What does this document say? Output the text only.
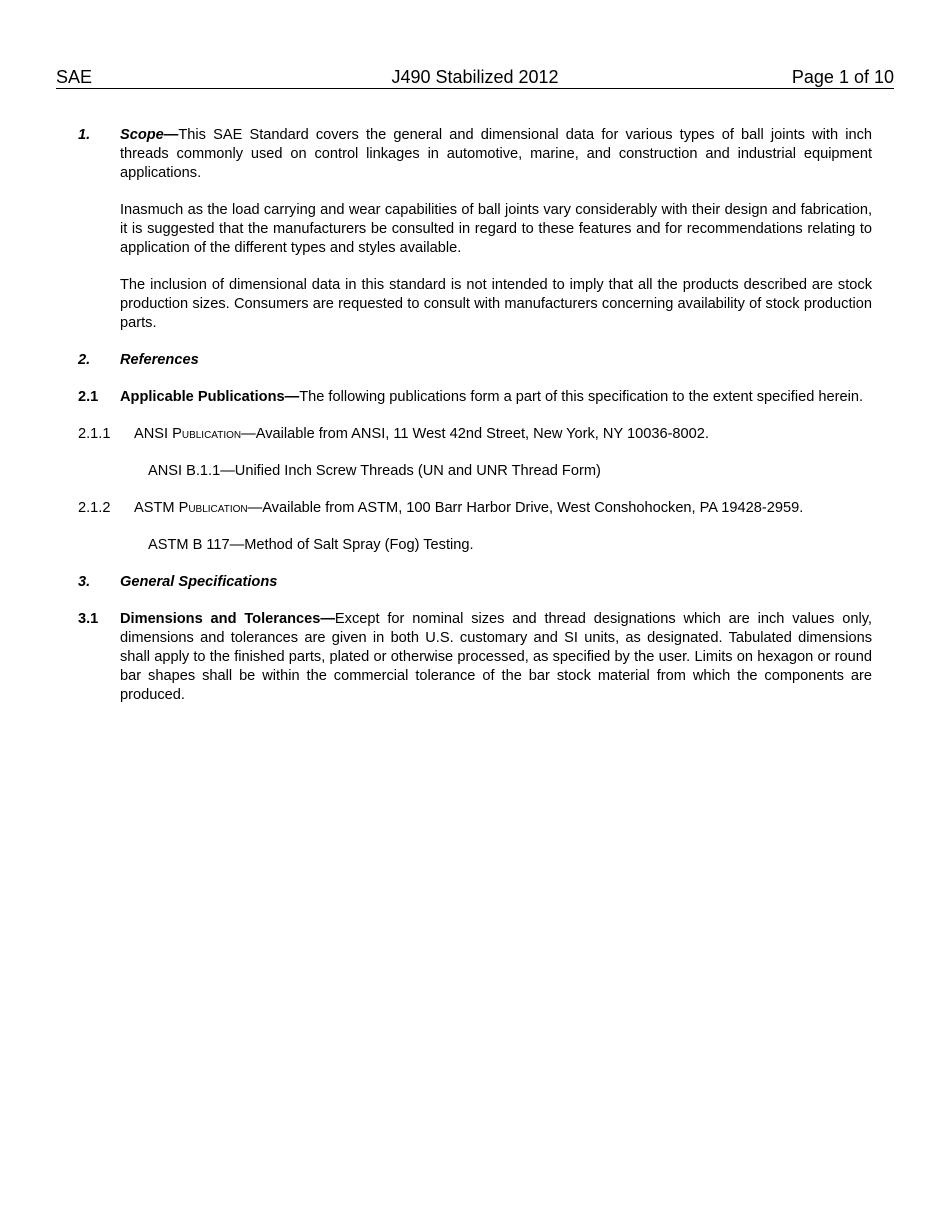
SAE	J490 Stabilized 2012	Page 1 of 10
1. Scope—This SAE Standard covers the general and dimensional data for various types of ball joints with inch threads commonly used on control linkages in automotive, marine, and construction and industrial equipment applications.
Inasmuch as the load carrying and wear capabilities of ball joints vary considerably with their design and fabrication, it is suggested that the manufacturers be consulted in regard to these features and for recommendations relating to application of the different types and styles available.
The inclusion of dimensional data in this standard is not intended to imply that all the products described are stock production sizes. Consumers are requested to consult with manufacturers concerning availability of stock production parts.
2. References
2.1 Applicable Publications—The following publications form a part of this specification to the extent specified herein.
2.1.1 ANSI Publication—Available from ANSI, 11 West 42nd Street, New York, NY 10036-8002.
ANSI B.1.1—Unified Inch Screw Threads (UN and UNR Thread Form)
2.1.2 ASTM Publication—Available from ASTM, 100 Barr Harbor Drive, West Conshohocken, PA 19428-2959.
ASTM B 117—Method of Salt Spray (Fog) Testing.
3. General Specifications
3.1 Dimensions and Tolerances—Except for nominal sizes and thread designations which are inch values only, dimensions and tolerances are given in both U.S. customary and SI units, as designated. Tabulated dimensions shall apply to the finished parts, plated or otherwise processed, as specified by the user. Limits on hexagon or round bar shapes shall be within the commercial tolerance of the bar stock material from which the components are produced.
